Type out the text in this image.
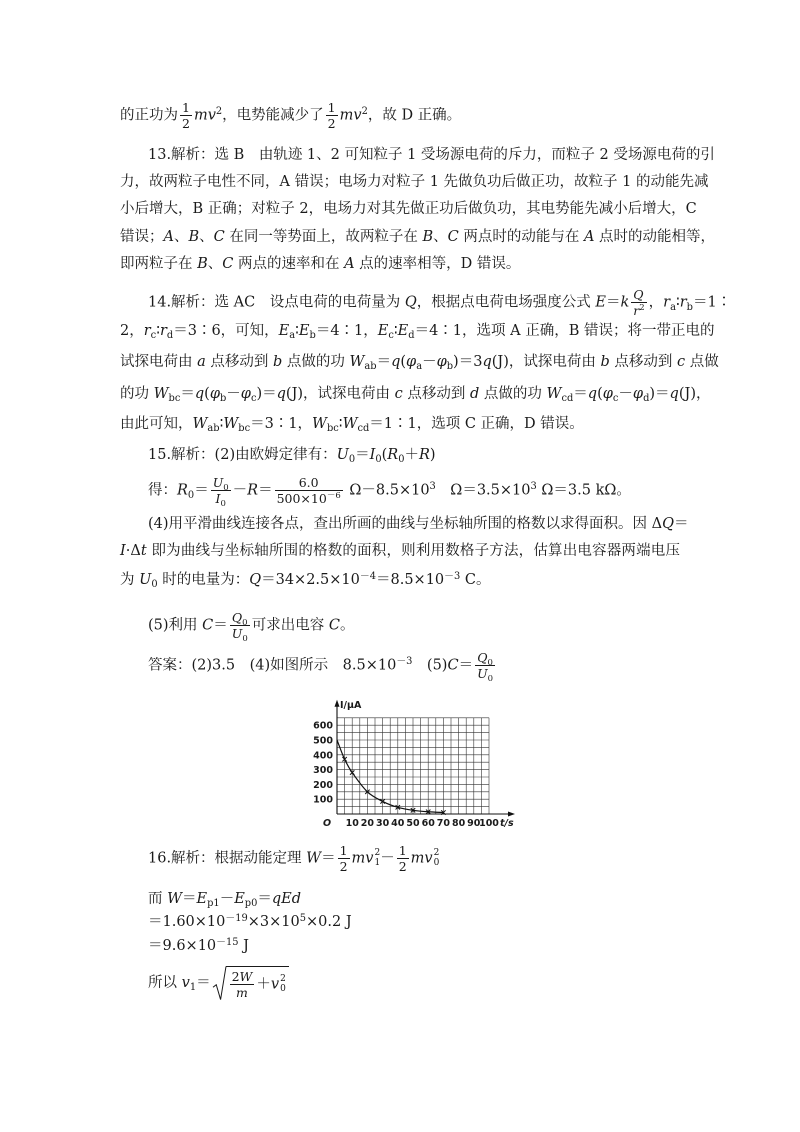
的正功为 $\frac{1}{2} mv^2$，电势能减少了 $\frac{1}{2} mv^2$，故 D 正确。
13.解析：选 B　由轨迹 1、2 可知粒子 1 受场源电荷的斥力，而粒子 2 受场源电荷的引
力，故两粒子电性不同，A 错误；电场力对粒子 1 先做负功后做正功，故粒子 1 的动能先减
小后增大，B 正确；对粒子 2，电场力对其先做正功后做负功，其电势能先减小后增大，C
错误；A、B、C 在同一等势面上，故两粒子在 B、C 两点时的动能与在 A 点时的动能相等，
即两粒子在 B、C 两点的速率和在 A 点的速率相等，D 错误。
14.解析：选 AC　设点电荷的电荷量为 Q，根据点电荷电场强度公式 $E=k \frac{Q}{r^2}$ ，$r_a∶r_b=1∶$
2，$r_c∶r_d=3∶6$，可知，$E_a∶E_b=4∶1$，$E_c∶E_d=4∶1$，选项 A 正确，B 错误；将一带正电的
试探电荷由 a 点移动到 b 点做的功 $W_{ab}=q(\varphi_a-\varphi_b)=3q(J)$，试探电荷由 b 点移动到 c 点做
的功 $W_{bc}=q(\varphi_b-\varphi_c)=q(J)$，试探电荷由 c 点移动到 d 点做的功 $W_{cd}=q(\varphi_c-\varphi_d)=q(J)$，
由此可知，$W_{ab}∶W_{bc}=3∶1$，$W_{bc}∶W_{cd}=1∶1$，选项 C 正确，D 错误。
15.解析：(2)由欧姆定律有：$U_0=I_0(R_0+R)$
得：$R_0= \frac{U_0}{I_0} -R= \frac{6.0}{500\times 10^{-6}} \Omega-8.5\times 10^3$　$\Omega=3.5\times 10^3$ Ω＝3.5 kΩ。
(4)用平滑曲线连接各点，查出所画的曲线与坐标轴所围的格数以求得面积。因 ΔQ＝
I·Δt 即为曲线与坐标轴所围的格数的面积，则利用数格子方法，估算出电容器两端电压
为 $U_0$ 时的电量为：$Q=34\times 2.5\times 10^{-4}=8.5\times 10^{-3}$ C。
(5)利用 $C= \frac{Q_0}{U_0}$ 可求出电容 C。
答案：(2)3.5　(4)如图所示　$8.5\times 10^{-3}$　$(5)C= \frac{Q_0}{U_0}$
10 20 30 40 50 60 70 80 90
100
100
200
300
400
500
600
O	t/s
I/μA
16.解析：根据动能定理 $W= \frac{1}{2}$ mv 2
$1 - \frac{1}{2}$ mv 2
0
而 $W=E_{p1}-E_{p0}=qEd$
$=1.60\times 10^{-19}\times 3\times 10^5\times 0.2$ J
$=9.6\times 10^{-15}$ J
所以 $v_1= \frac{2W}{m} +v$ 2
0
